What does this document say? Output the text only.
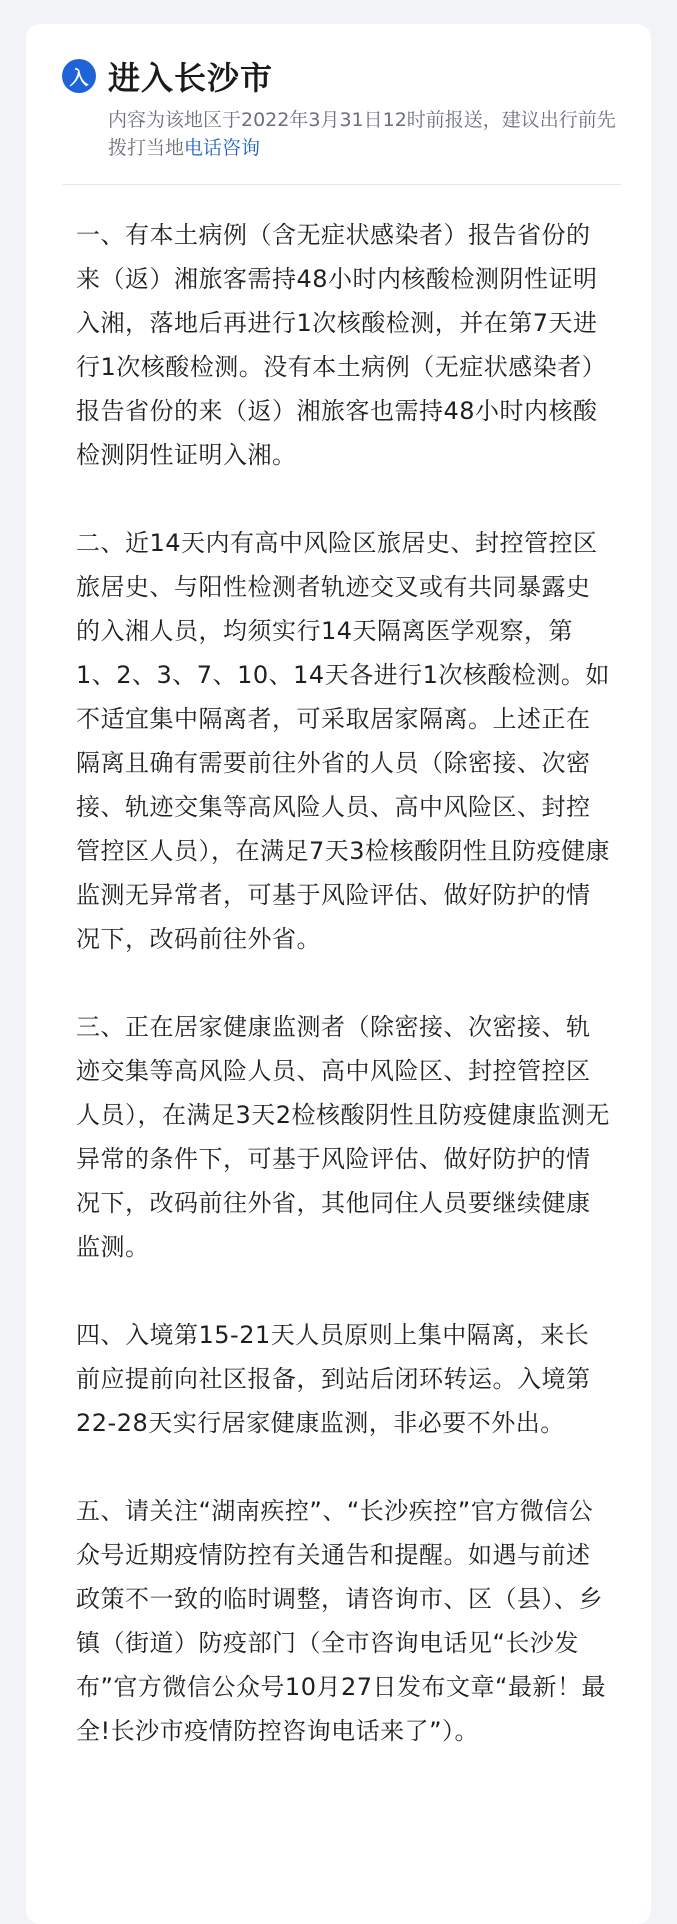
入 进入长沙市
内容为该地区于2022年3月31日12时前报送，建议出行前先拨打当地电话咨询

一、有本土病例（含无症状感染者）报告省份的来（返）湘旅客需持48小时内核酸检测阴性证明入湘，落地后再进行1次核酸检测，并在第7天进行1次核酸检测。没有本土病例（无症状感染者）报告省份的来（返）湘旅客也需持48小时内核酸检测阴性证明入湘。

二、近14天内有高中风险区旅居史、封控管控区旅居史、与阳性检测者轨迹交叉或有共同暴露史的入湘人员，均须实行14天隔离医学观察，第1、2、3、7、10、14天各进行1次核酸检测。如不适宜集中隔离者，可采取居家隔离。上述正在隔离且确有需要前往外省的人员（除密接、次密接、轨迹交集等高风险人员、高中风险区、封控管控区人员），在满足7天3检核酸阴性且防疫健康监测无异常者，可基于风险评估、做好防护的情况下，改码前往外省。

三、正在居家健康监测者（除密接、次密接、轨迹交集等高风险人员、高中风险区、封控管控区人员），在满足3天2检核酸阴性且防疫健康监测无异常的条件下，可基于风险评估、做好防护的情况下，改码前往外省，其他同住人员要继续健康监测。

四、入境第15-21天人员原则上集中隔离，来长前应提前向社区报备，到站后闭环转运。入境第22-28天实行居家健康监测，非必要不外出。

五、请关注“湖南疾控”、“长沙疾控”官方微信公众号近期疫情防控有关通告和提醒。如遇与前述政策不一致的临时调整，请咨询市、区（县）、乡镇（街道）防疫部门（全市咨询电话见“长沙发布”官方微信公众号10月27日发布文章“最新！最全!长沙市疫情防控咨询电话来了”）。
